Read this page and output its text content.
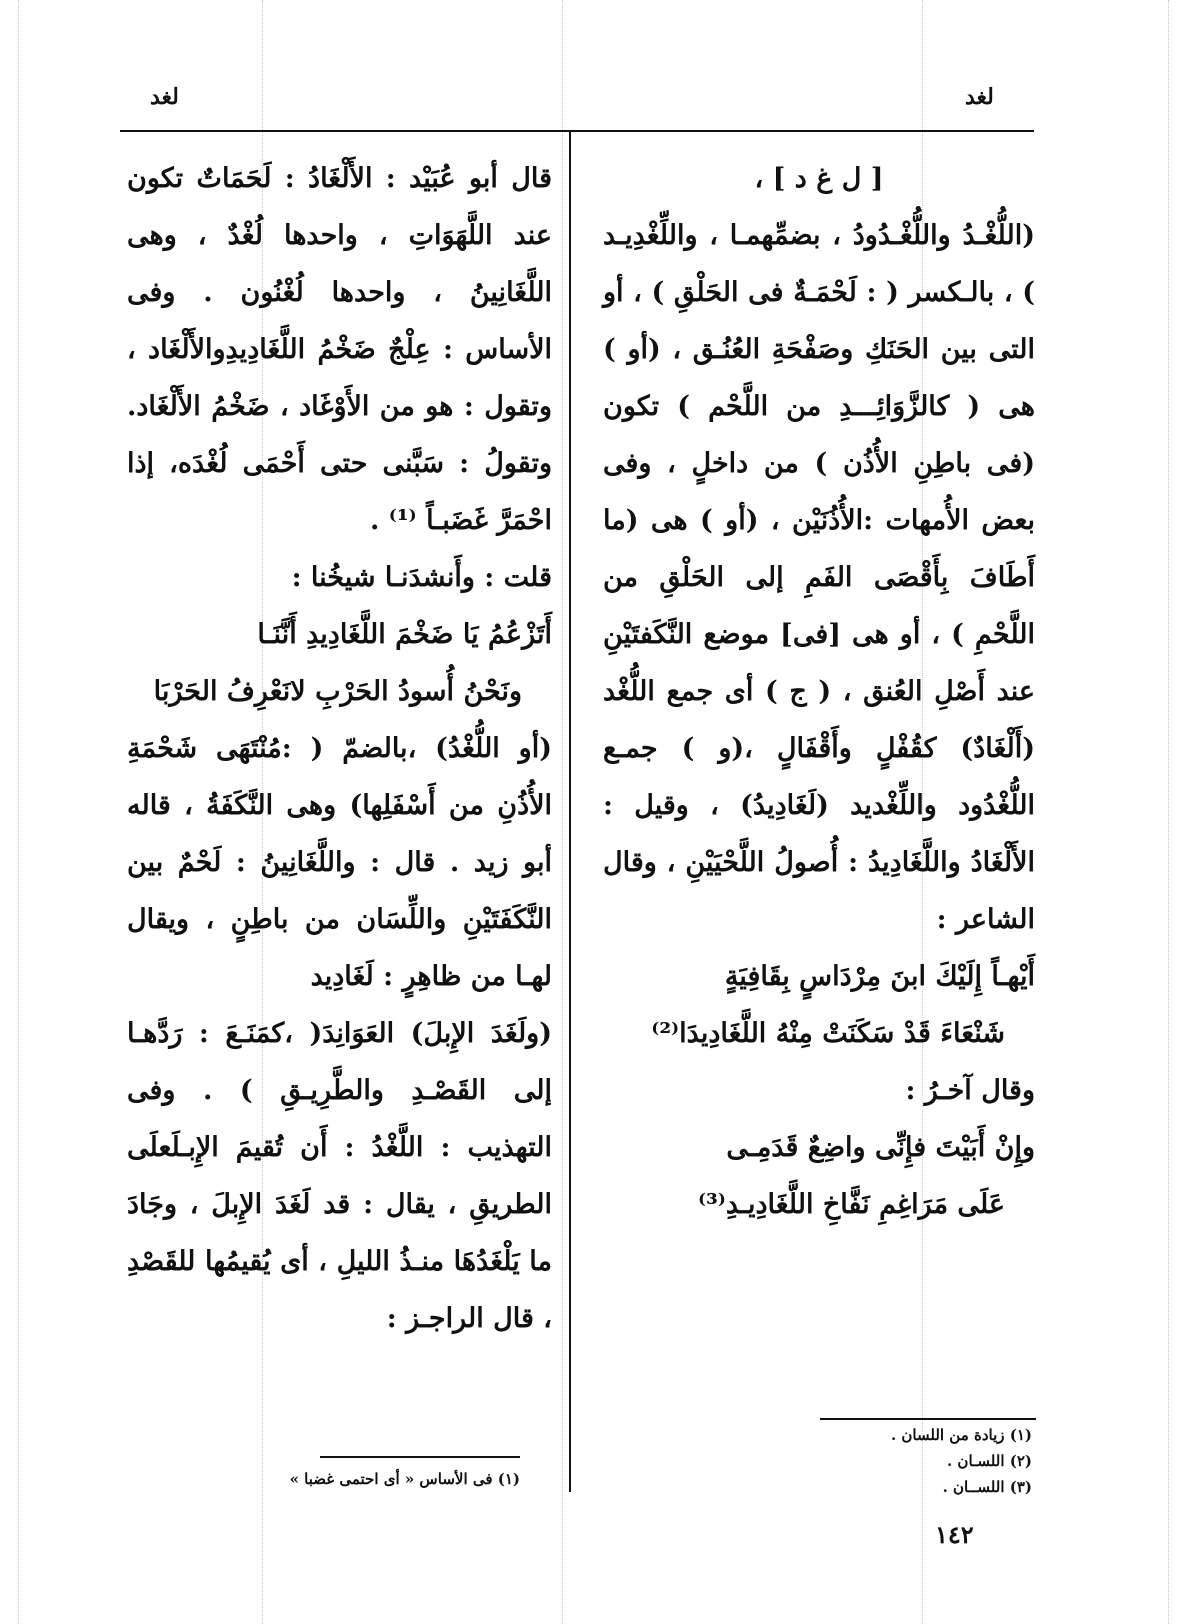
لغد	لغد

[ ل غ د ] ،

(اللُّغْـدُ واللُّغْـدُودُ ، بضمِّهمـا ، واللِّغْدِيـد ) ، بالـكسر ( : لَحْمَـةٌ فى الحَلْقِ ) ، أو التى بين الحَنَكِ وصَفْحَةِ العُنُـق ، (أو ) هى ( كالزَّوَائِـــدِ من اللَّحْم ) تكون (فى باطِنِ الأُذُن ) من داخلٍ ، وفى بعض الأُمهات :الأُذُنَيْن ، (أو ) هى (ما أَطَافَ بِأَقْصَى الفَمِ إلى الحَلْقِ من اللَّحْمِ ) ، أو هى [فى] موضع النَّكَفتَيْنِ عند أَصْلِ العُنق ، ( ج ) أى جمع اللُّغْد (أَلْغَادٌ) كقُفْلٍ وأَقْفَالٍ ،(و ) جمـع اللُّغْدُود واللِّغْديد (لَغَادِيدُ) ، وقيل : الأَلْغَادُ واللَّغَادِيدُ : أُصولُ اللَّحْيَيْنِ ، وقال الشاعر :

أَيْهـاً إِلَيْكَ ابنَ مِرْدَاسٍ بِقَافِيَةٍ

شَنْعَاءَ قَدْ سَكَنَتْ مِنْهُ اللَّغَادِيدَا⁽²⁾

وقال آخـرُ :

وإِنْ أَبَيْتَ فإِنِّى واضِعٌ قَدَمِـى

عَلَى مَرَاغِمِ نَفَّاخِ اللَّغَادِيـدِ⁽³⁾

قال أبو عُبَيْد : الأَلْغَادُ : لَحَمَاتٌ تكون عند اللَّهَوَاتِ ، واحدها لُغْدٌ ، وهى اللَّغَانِينُ ، واحدها لُغْنُون . وفى الأساس : عِلْجٌ ضَخْمُ اللَّغَادِيدِوالأَلْغَاد ، وتقول : هو من الأَوْغَاد ، ضَخْمُ الأَلْغَاد. وتقولُ : سَبَّنى حتى أَحْمَى لُغْدَه، إذا احْمَرَّ غَضَبـاً ⁽¹⁾ .

قلت : وأَنشدَنـا شيخُنا :

أَتَزْعُمُ يَا ضَخْمَ اللَّغَادِيدِ أَنَّنَـا

ونَحْنُ أُسودُ الحَرْبِ لانَعْرِفُ الحَرْبَا

(أو اللُّغْدُ) ،بالضمّ ( :مُنْتَهَى شَحْمَةِ الأُذُنِ من أَسْفَلِها) وهى النَّكَفَةُ ، قاله أبو زيد . قال : واللَّغَانِينُ : لَحْمٌ بين النَّكَفَتَيْنِ واللِّسَان من باطِنٍ ، ويقال لهـا من ظاهِرٍ : لَغَادِيد

(ولَغَدَ الإِبلَ) العَوَانِدَ( ،كمَنَـعَ : رَدَّهـا إلى القَصْـدِ والطَّرِيـقِ ) . وفى التهذيب : اللَّغْدُ : أَن تُقيمَ الإِبـلَعلَى الطريقِ ، يقال : قد لَغَدَ الإِبلَ ، وجَادَ ما يَلْغَدُهَا منـذُ الليلِ ، أى يُقيمُها للقَصْدِ ، قال الراجـز :

(١) زيادة من اللسان .
(٢) اللسـان .
(٣) اللســان .
(١) فى الأساس « أى احتمى غضبا »
١٤٢
